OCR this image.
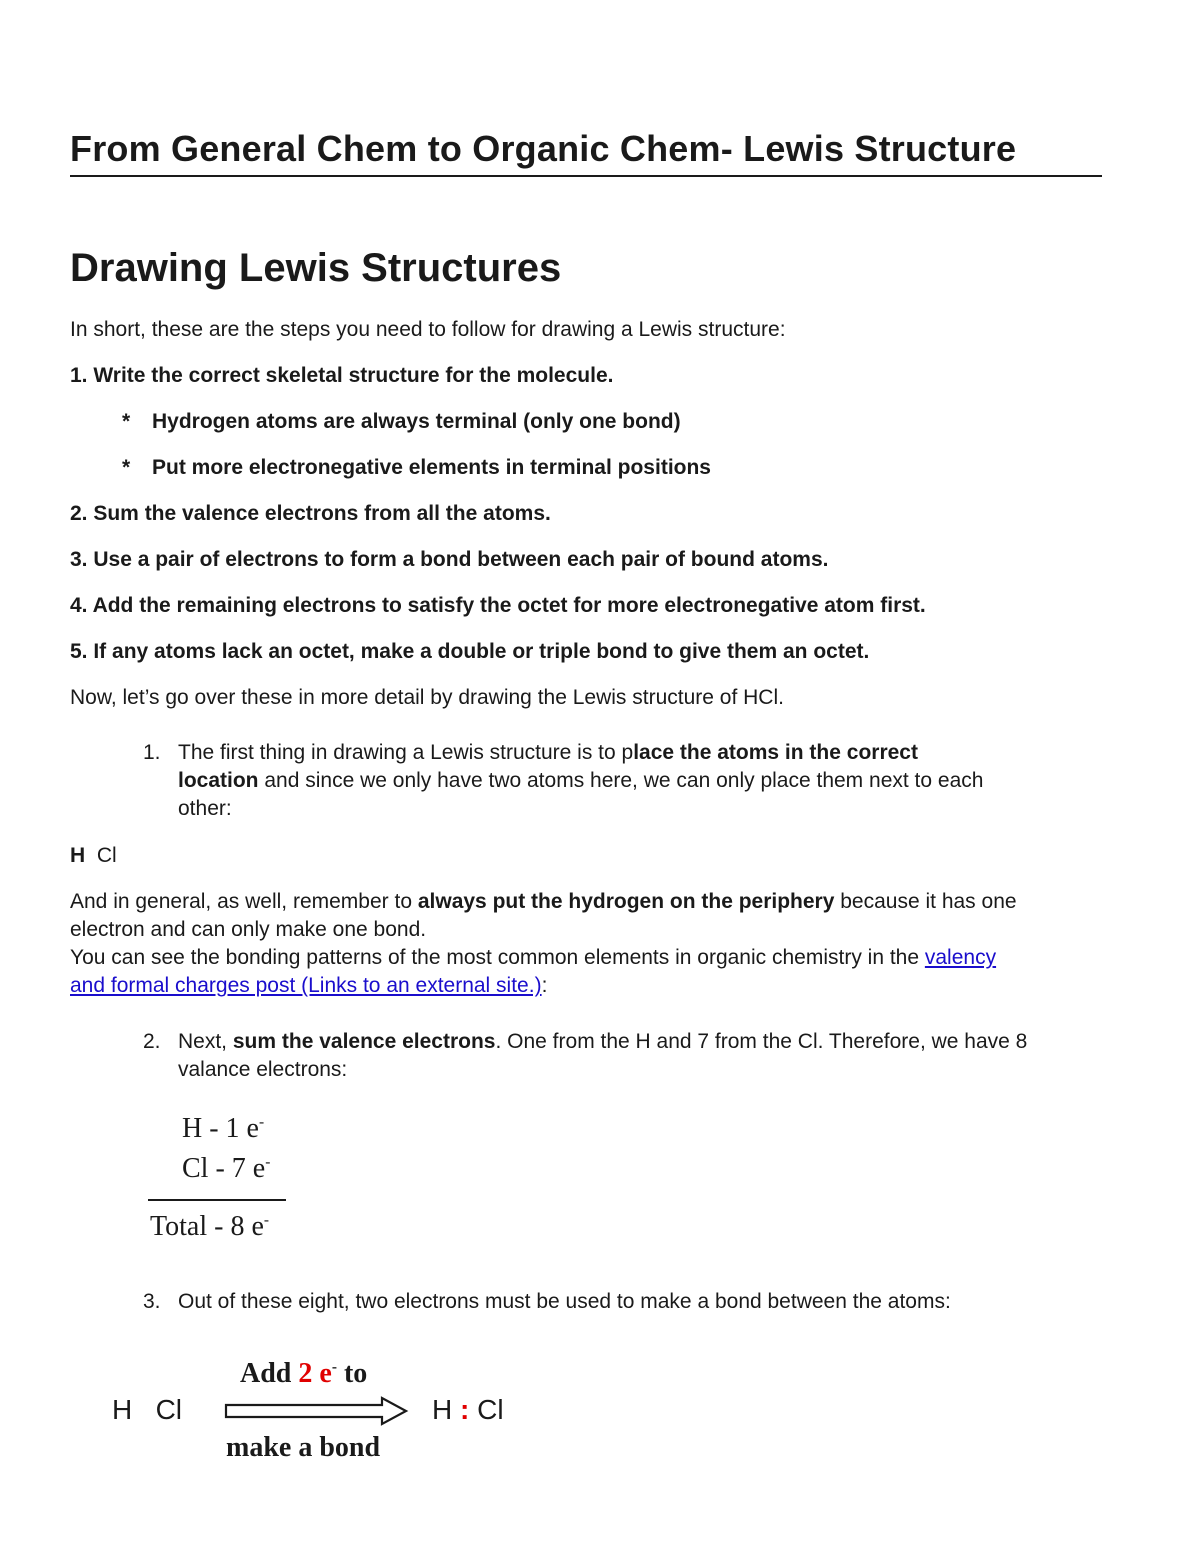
From General Chem to Organic Chem- Lewis Structure
Drawing Lewis Structures
In short, these are the steps you need to follow for drawing a Lewis structure:
1. Write the correct skeletal structure for the molecule.
* Hydrogen atoms are always terminal (only one bond)
* Put more electronegative elements in terminal positions
2. Sum the valence electrons from all the atoms.
3. Use a pair of electrons to form a bond between each pair of bound atoms.
4. Add the remaining electrons to satisfy the octet for more electronegative atom first.
5. If any atoms lack an octet, make a double or triple bond to give them an octet.
Now, let’s go over these in more detail by drawing the Lewis structure of HCl.
1. The first thing in drawing a Lewis structure is to place the atoms in the correct
location and since we only have two atoms here, we can only place them next to each
other:
H Cl
And in general, as well, remember to always put the hydrogen on the periphery because it has one
electron and can only make one bond.
You can see the bonding patterns of the most common elements in organic chemistry in the valency
and formal charges post (Links to an external site.):
2. Next, sum the valence electrons. One from the H and 7 from the Cl. Therefore, we have 8
valance electrons:
H - 1 e-
Cl - 7 e-
Total - 8 e-
3. Out of these eight, two electrons must be used to make a bond between the atoms:
H Cl
Add 2 e- to
make a bond
H : Cl
